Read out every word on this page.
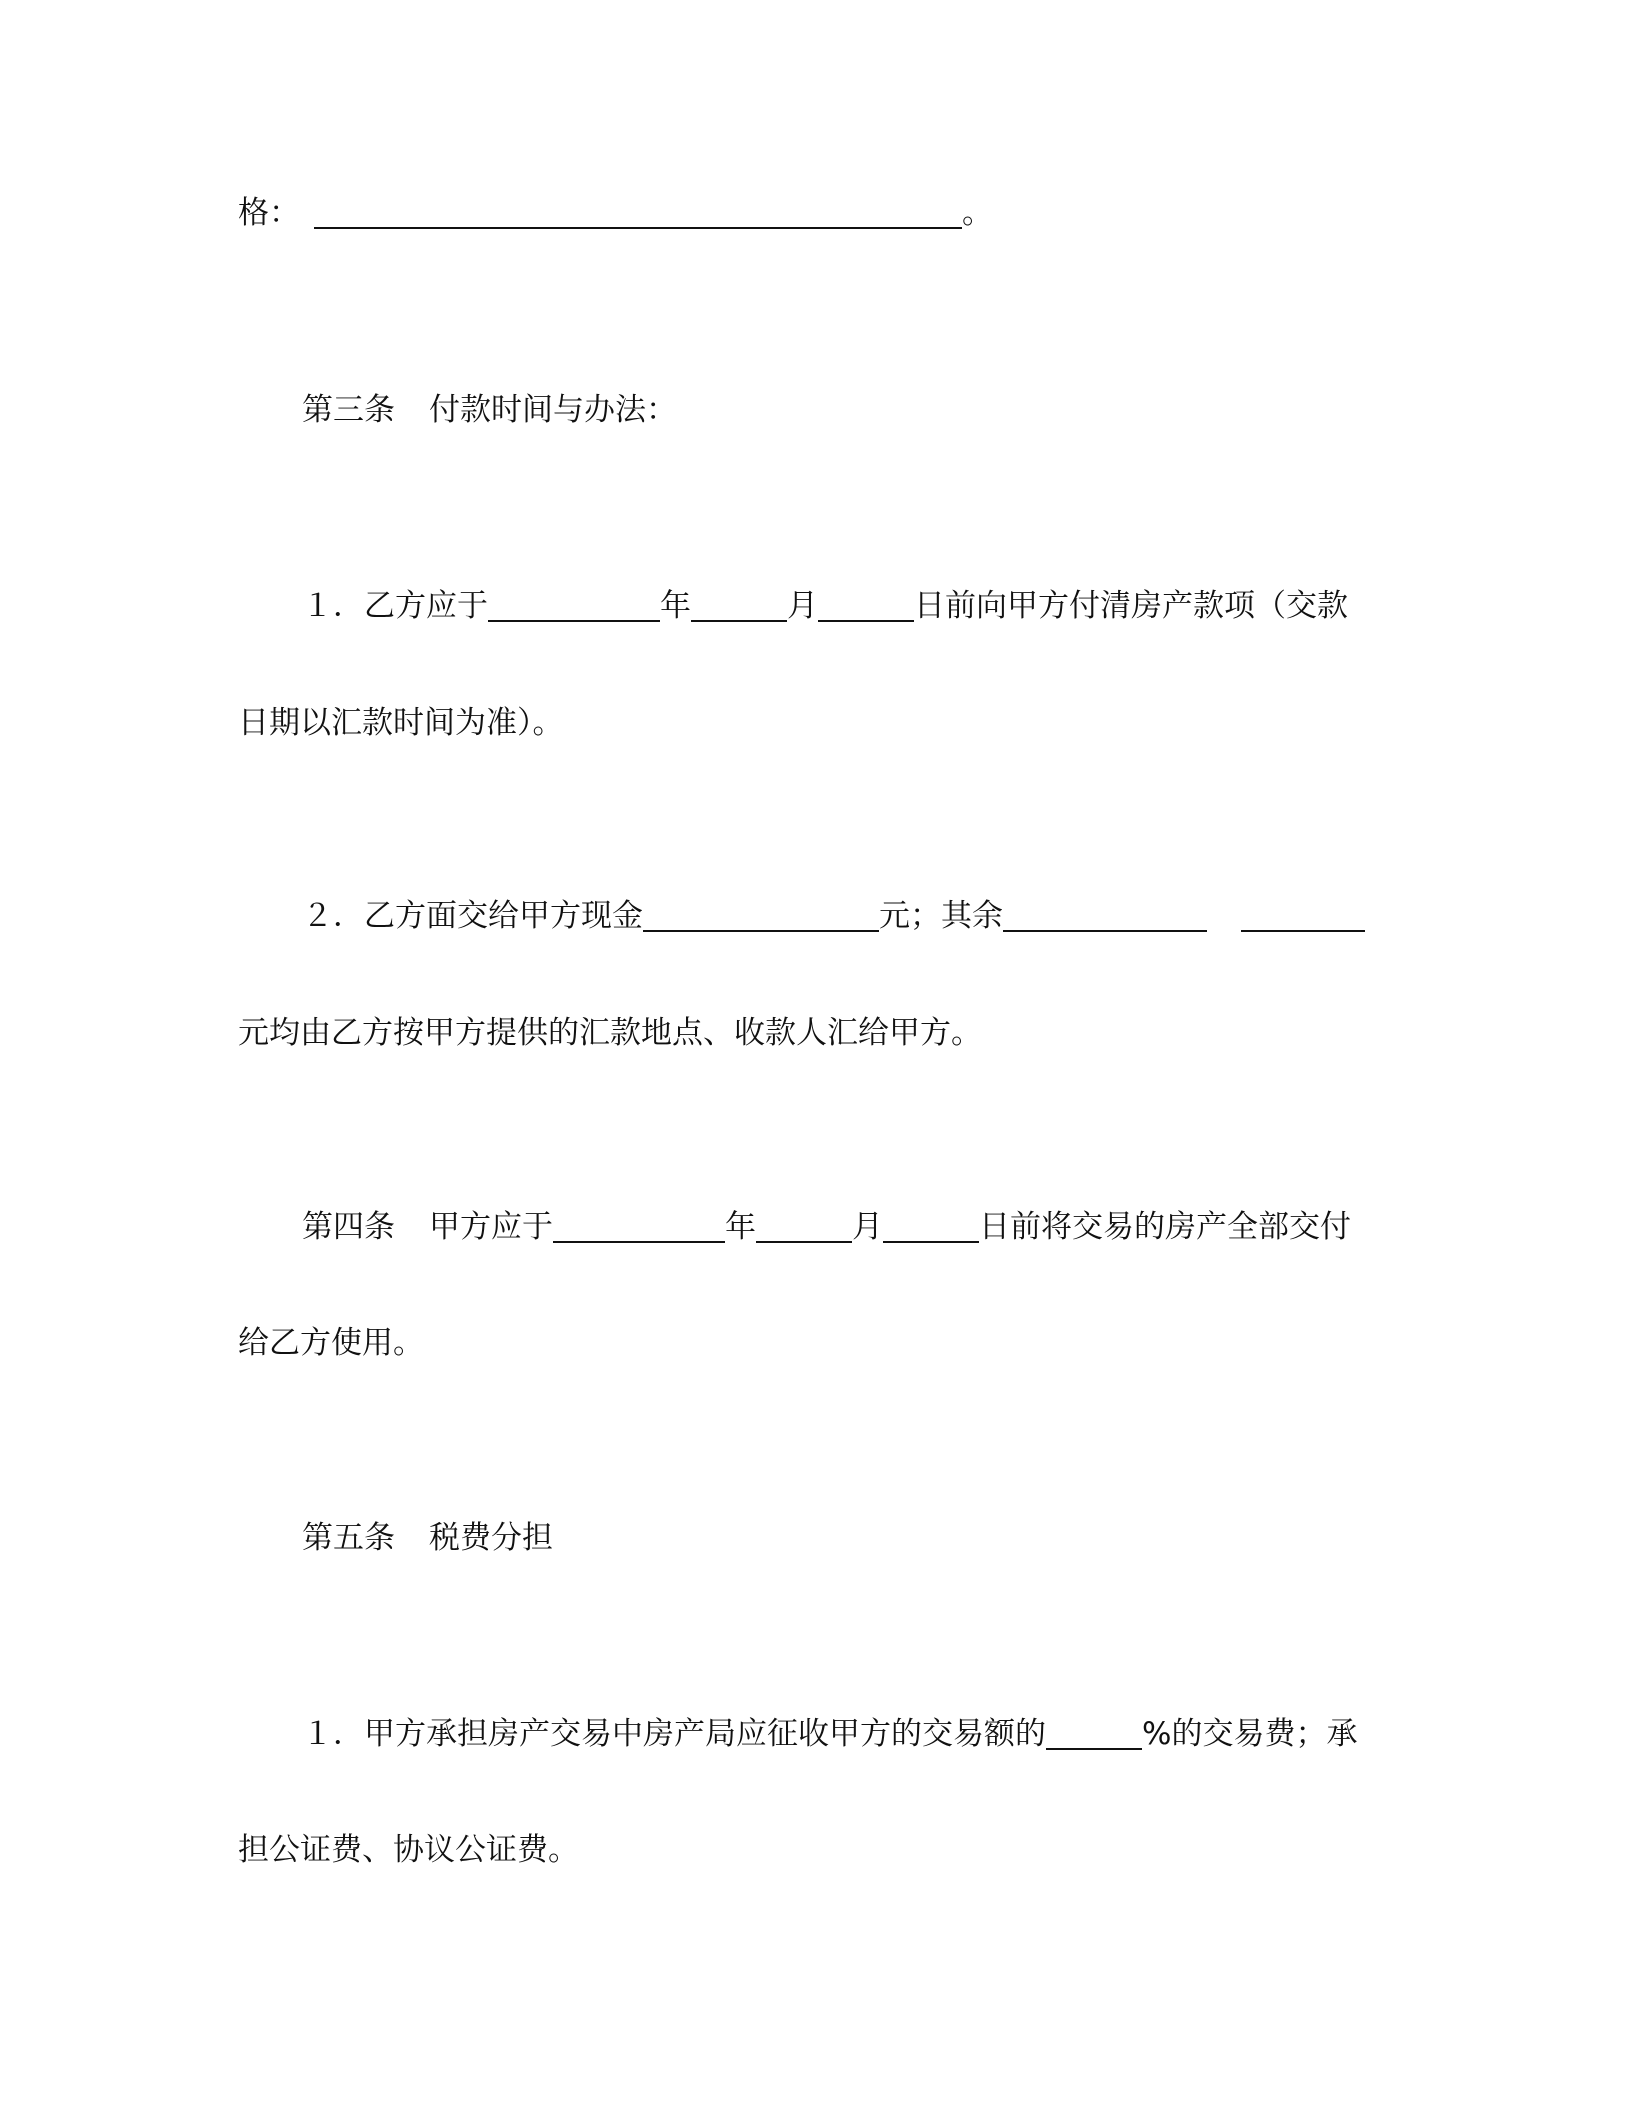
格：	。
第三条 付款时间与办法：
１．乙方应于	年	月	日前向甲方付清房产款项（交款
日期以汇款时间为准）。
２．乙方面交给甲方现金	元；其余
元均由乙方按甲方提供的汇款地点、收款人汇给甲方。
第四条 甲方应于	年	月	日前将交易的房产全部交付
给乙方使用。
第五条 税费分担
１．甲方承担房产交易中房产局应征收甲方的交易额的	%的交易费；承
担公证费、协议公证费。
